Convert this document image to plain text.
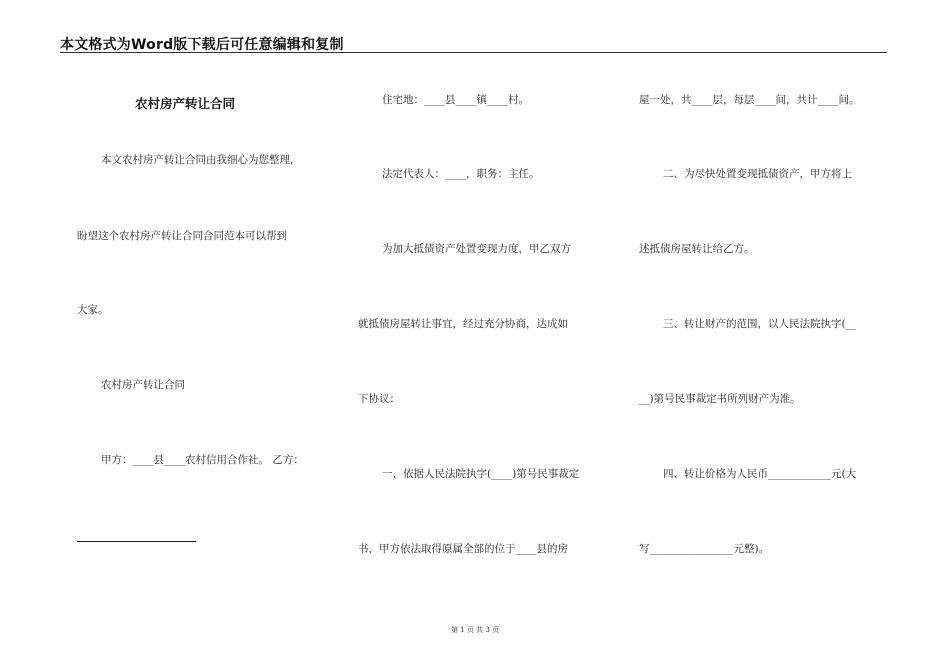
本文格式为Word版下载后可任意编辑和复制
农村房产转让合同
本文农村房产转让合同由我细心为您整理,
盼望这个农村房产转让合同合同范本可以帮到
大家。
农村房产转让合同
甲方：____县____农村信用合作社。 乙方：
住宅地：____县____镇____村。
法定代表人：____，职务：主任。
为加大抵债资产处置变现力度，甲乙双方
就抵债房屋转让事宜，经过充分协商，达成如
下协议：
一、依据人民法院执字(____)第号民事裁定
书，甲方依法取得原属全部的位于____县的房
屋一处，共____层，每层____间，共计____间。
二、为尽快处置变现抵债资产，甲方将上
述抵债房屋转让给乙方。
三、转让财产的范围，以人民法院执字(__
__)第号民事裁定书所列财产为准。
四、转让价格为人民币____________元(大
写________________元整)。
第 1 页 共 3 页
